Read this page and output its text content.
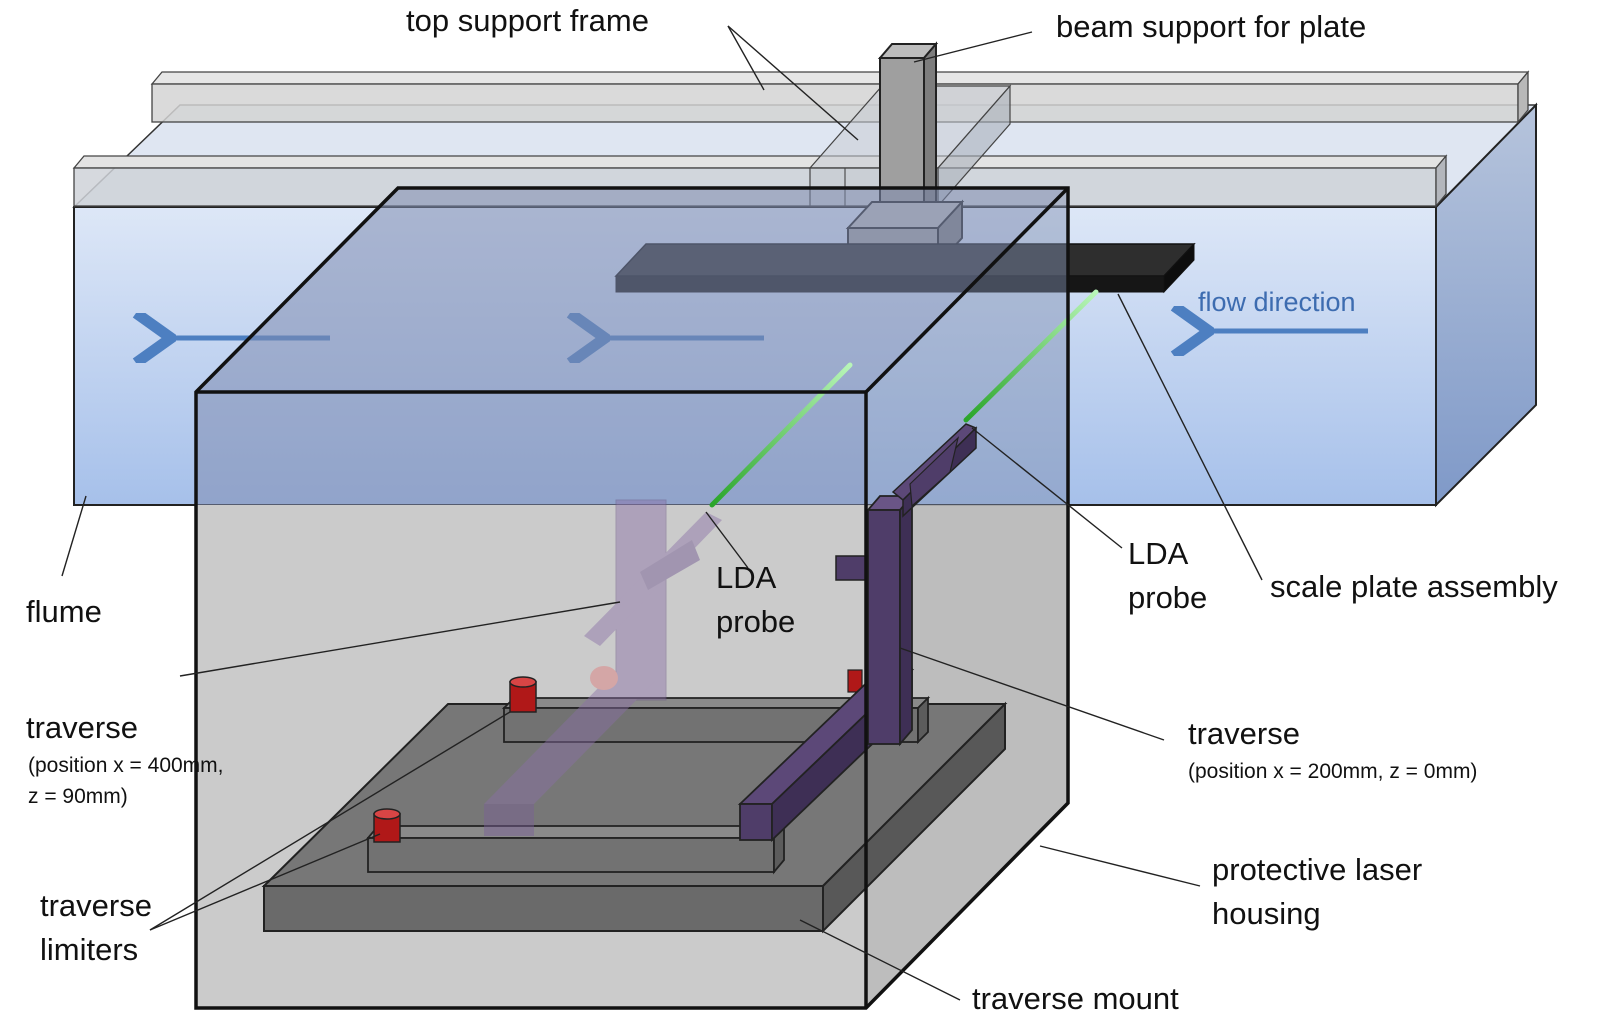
top support frame	beam support for plate
flow direction
flume
LDA probe
LDA probe scale plate assembly
traverse
(position x = 400mm, z = 90mm)
traverse
(position x = 200mm, z = 0mm)
traverse limiters
protective laser housing
traverse mount
